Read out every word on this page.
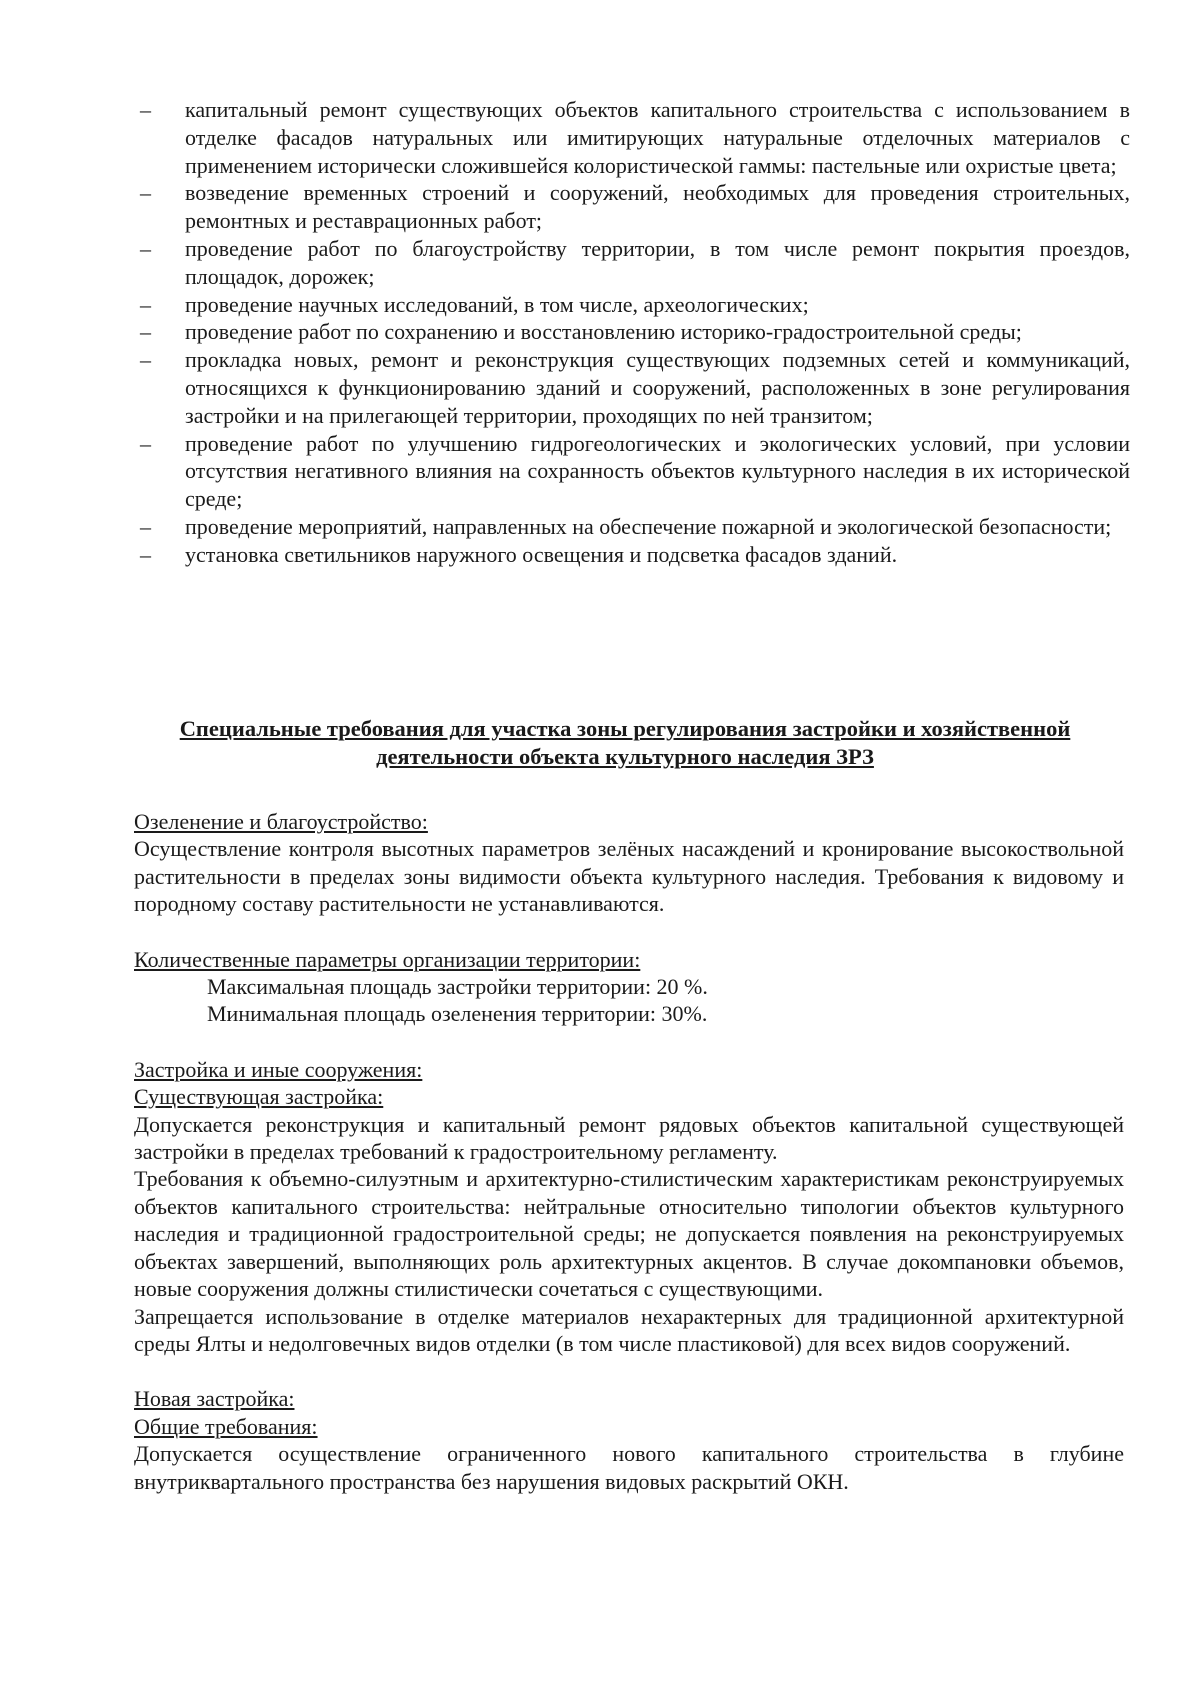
– капитальный ремонт существующих объектов капитального строительства с использованием в отделке фасадов натуральных или имитирующих натуральные отделочных материалов с применением исторически сложившейся колористической гаммы: пастельные или охристые цвета;
– возведение временных строений и сооружений, необходимых для проведения строительных, ремонтных и реставрационных работ;
– проведение работ по благоустройству территории, в том числе ремонт покрытия проездов, площадок, дорожек;
– проведение научных исследований, в том числе, археологических;
– проведение работ по сохранению и восстановлению историко-градостроительной среды;
– прокладка новых, ремонт и реконструкция существующих подземных сетей и коммуникаций, относящихся к функционированию зданий и сооружений, расположенных в зоне регулирования застройки и на прилегающей территории, проходящих по ней транзитом;
– проведение работ по улучшению гидрогеологических и экологических условий, при условии отсутствия негативного влияния на сохранность объектов культурного наследия в их исторической среде;
– проведение мероприятий, направленных на обеспечение пожарной и экологической безопасности;
– установка светильников наружного освещения и подсветка фасадов зданий.
Специальные требования для участка зоны регулирования застройки и хозяйственной
деятельности объекта культурного наследия ЗРЗ

Озеленение и благоустройство:

Осуществление контроля высотных параметров зелёных насаждений и кронирование высокоствольной растительности в пределах зоны видимости объекта культурного наследия. Требования к видовому и породному составу растительности не устанавливаются.

Количественные параметры организации территории:

Максимальная площадь застройки территории: 20 %.

Минимальная площадь озеленения территории: 30%.

Застройка и иные сооружения:

Существующая застройка:

Допускается реконструкция и капитальный ремонт рядовых объектов капитальной существующей застройки в пределах требований к градостроительному регламенту.

Требования к объемно-силуэтным и архитектурно-стилистическим характеристикам реконструируемых объектов капитального строительства: нейтральные относительно типологии объектов культурного наследия и традиционной градостроительной среды; не допускается появления на реконструируемых объектах завершений, выполняющих роль архитектурных акцентов. В случае докомпановки объемов, новые сооружения должны стилистически сочетаться с существующими.

Запрещается использование в отделке материалов нехарактерных для традиционной архитектурной среды Ялты и недолговечных видов отделки (в том числе пластиковой) для всех видов сооружений.

Новая застройка:

Общие требования:

Допускается осуществление ограниченного нового капитального строительства в глубине внутриквартального пространства без нарушения видовых раскрытий ОКН.
